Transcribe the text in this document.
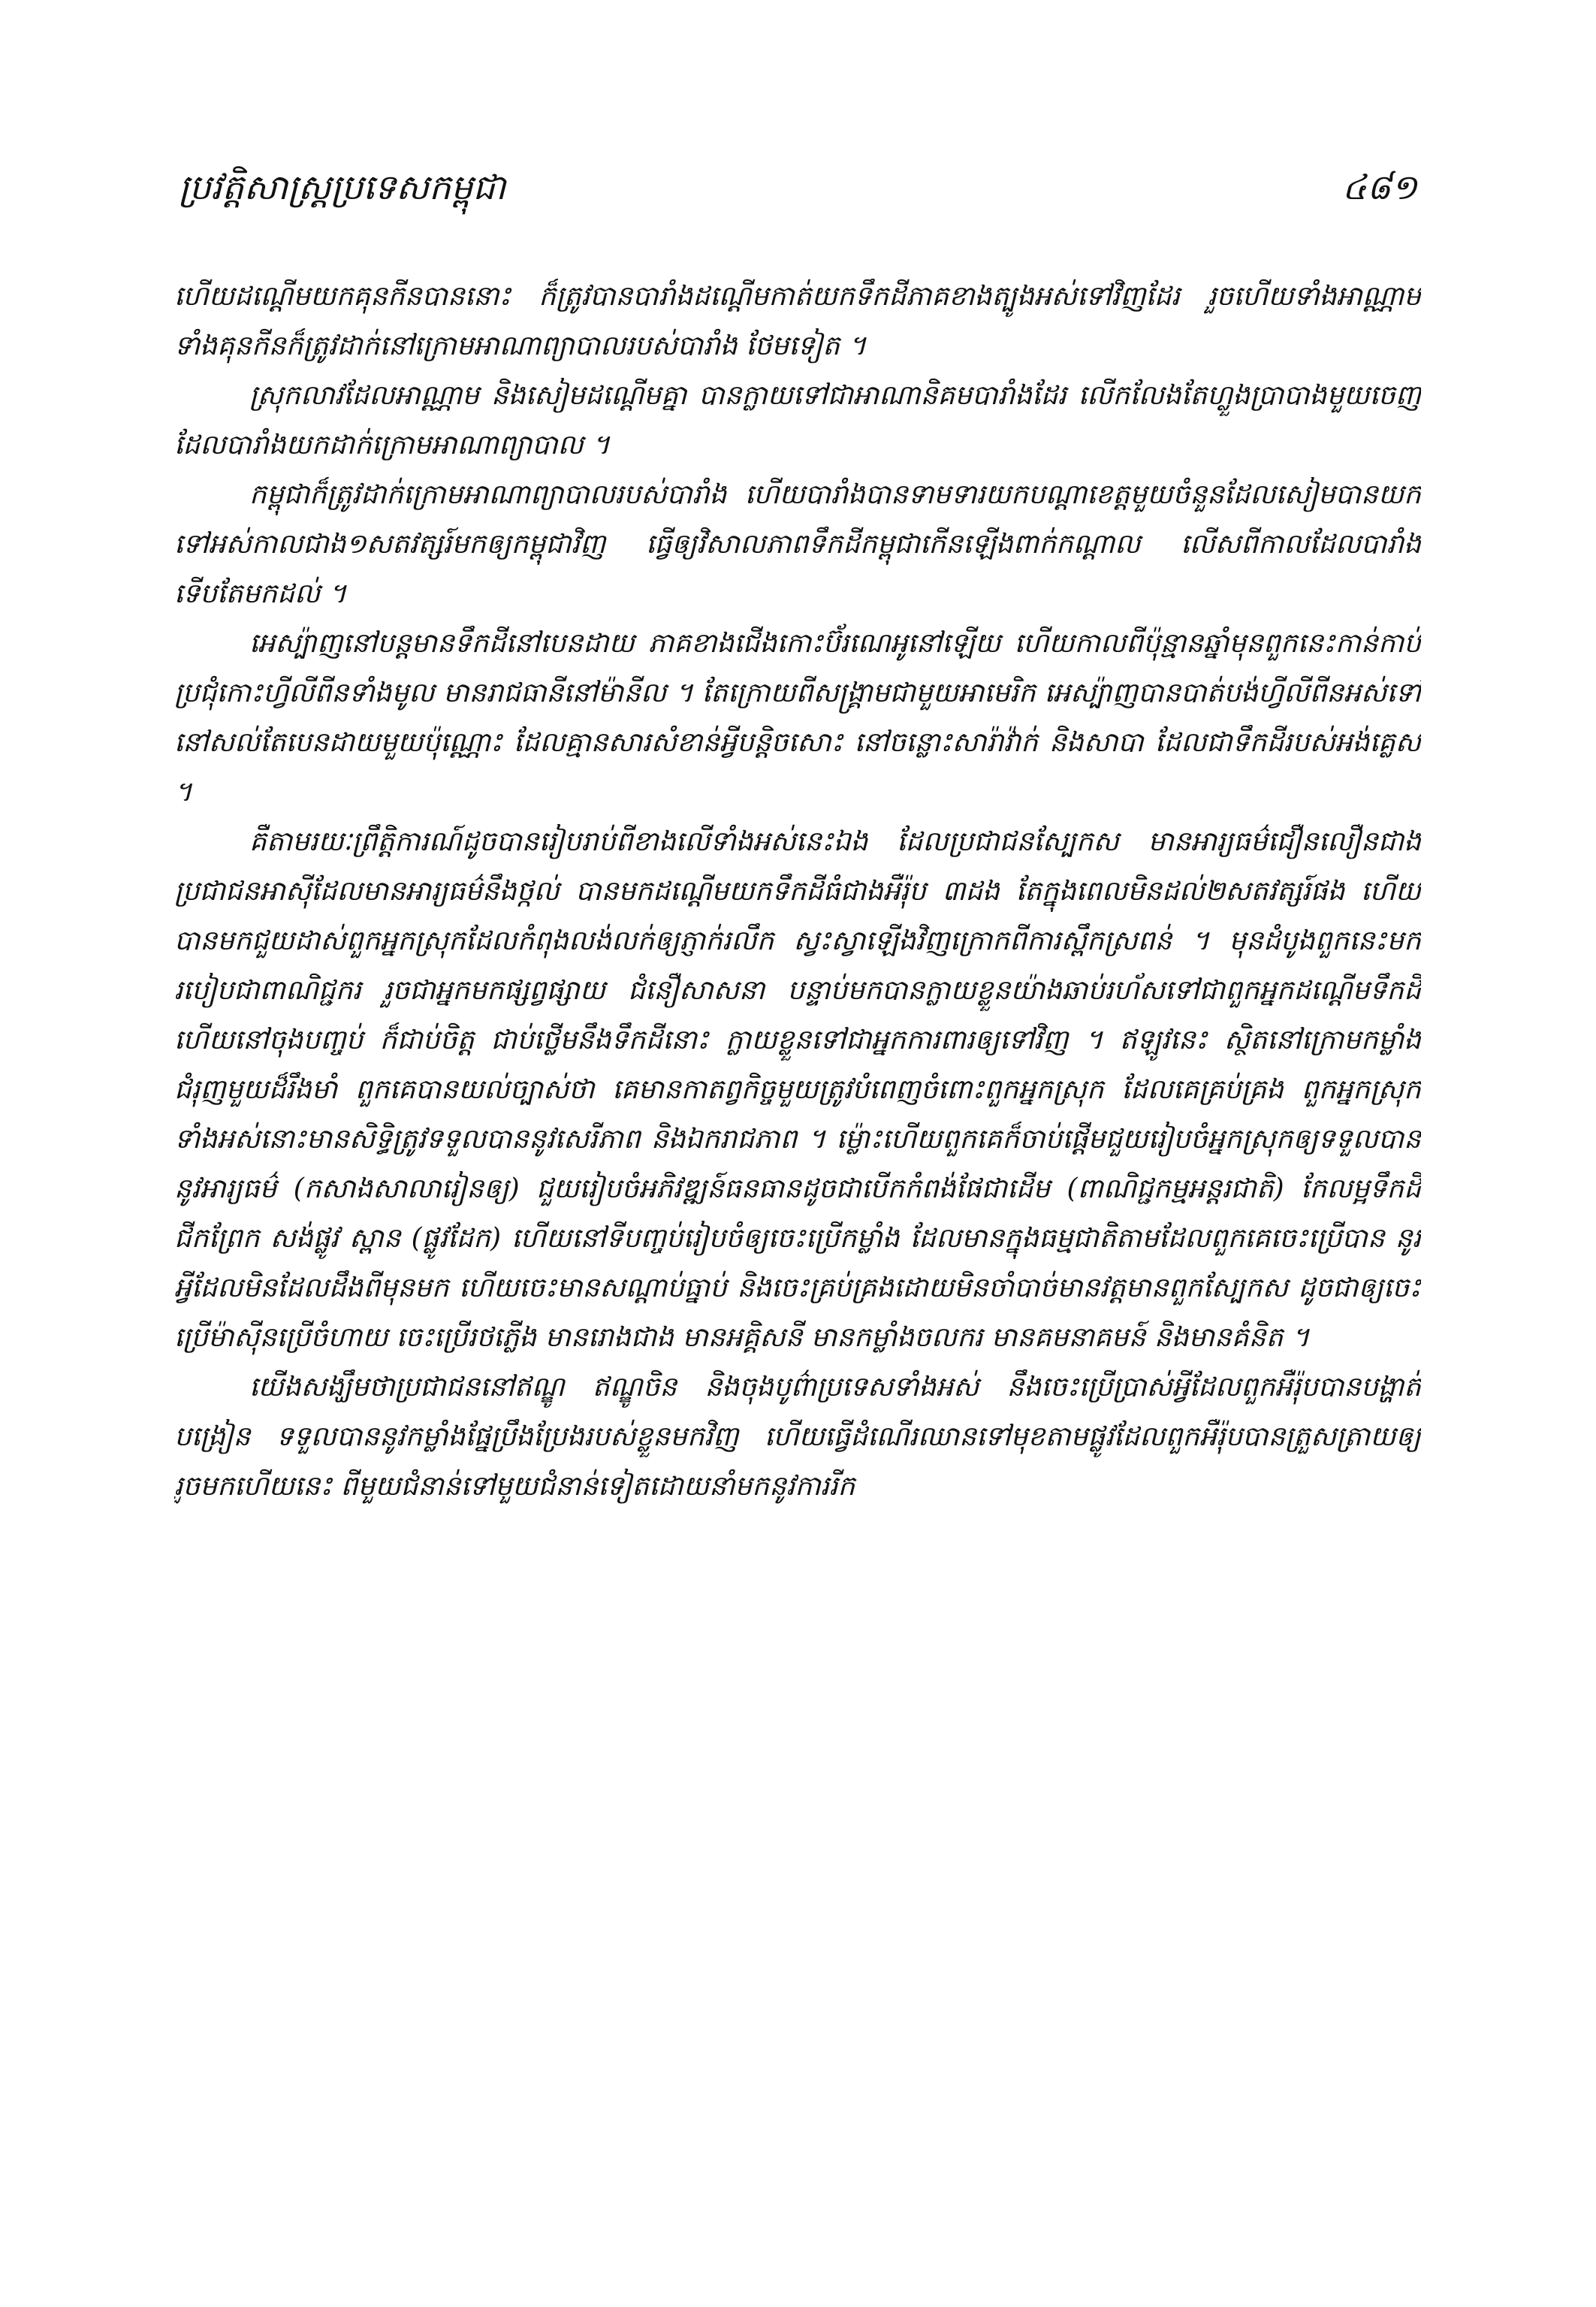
ប្រវត្តិសាស្ត្រប្រទេសកម្ពុជា	៤៨១

ហើយដណ្តើមយកគុនកីនបាននោះ ក៏ត្រូវបានបារាំងដណ្តើមកាត់យកទឹកដីភាគខាងត្បូងអស់ទៅវិញដែរ រួចហើយទាំងអាណ្ណាមទាំងគុនកីនក៏ត្រូវដាក់នៅក្រោមអាណាព្យាបាលរបស់បារាំង ថែមទៀត ។

ស្រុកលាវដែលអាណ្ណាម និងសៀមដណ្តើមគ្នា បានក្លាយទៅជាអាណានិគមបារាំងដែរ លើកលែងតែហ្លួងប្រាបាងមួយចេញ ដែលបារាំងយកដាក់ក្រោមអាណាព្យាបាល ។

កម្ពុជាក៏ត្រូវដាក់ក្រោមអាណាព្យាបាលរបស់បារាំង ហើយបារាំងបានទាមទារយកបណ្តាខេត្តមួយចំនួនដែលសៀមបានយកទៅអស់កាលជាង១សតវត្សរ៍មកឲ្យកម្ពុជាវិញ ធ្វើឲ្យវិសាលភាពទឹកដីកម្ពុជាកើនឡើងពាក់កណ្តាល លើសពីកាលដែលបារាំងទើបតែមកដល់ ។

អេស្ប៉ាញនៅបន្តមានទឹកដីនៅបេនដាយ ភាគខាងជើងកោះប៊័រណេអូនៅឡើយ ហើយកាលពីប៉ុន្មានឆ្នាំមុនពួកនេះកាន់កាប់ប្រជុំកោះហ្វីលីពីនទាំងមូល មានរាជធានីនៅម៉ានីល ។ តែក្រោយពីសង្គ្រាមជាមួយអាមេរិក អេស្ប៉ាញបានបាត់បង់ហ្វីលីពីនអស់ទៅ នៅសល់តែបេនដាយមួយប៉ុណ្ណោះ ដែលគ្មានសារសំខាន់អ្វីបន្តិចសោះ នៅចន្លោះសារ៉ាវ៉ាក់ និងសាបា ដែលជាទឹកដីរបស់អង់គ្លេស ។

គឺតាមរយៈព្រឹត្តិការណ៍ដូចបានរៀបរាប់ពីខាងលើទាំងអស់នេះឯង ដែលប្រជាជនស្បែកស មានអារ្យធម៌ជឿនលឿនជាងប្រជាជនអាស៊ីដែលមានអារ្យធម៌នឹងថ្កល់ បានមកដណ្តើមយកទឹកដីធំជាងអឺរ៉ុប ៣ដង តែក្នុងពេលមិនដល់២សតវត្សរ៍ផង ហើយបានមកជួយដាស់ពួកអ្នកស្រុកដែលកំពុងលង់លក់ឲ្យភ្ញាក់រលឹក ស្វះស្វាឡើងវិញក្រោកពីការស្ពឹកស្រពន់ ។ មុនដំបូងពួកនេះមករបៀបជាពាណិជ្ជករ រួចជាអ្នកមកផ្សព្វផ្សាយ ជំនឿសាសនា បន្ទាប់មកបានក្លាយខ្លួនយ៉ាងឆាប់រហ័សទៅជាពួកអ្នកដណ្តើមទឹកដី ហើយនៅចុងបញ្ចប់ ក៏ជាប់ចិត្ត ជាប់ថ្លើមនឹងទឹកដីនោះ ក្លាយខ្លួនទៅជាអ្នកការពារឲ្យទៅវិញ ។ ឥឡូវនេះ ស្ថិតនៅក្រោមកម្លាំងជំរុញមួយដ៏រឹងមាំ ពួកគេបានយល់ច្បាស់ថា គេមានកាតព្វកិច្ចមួយត្រូវបំពេញចំពោះពួកអ្នកស្រុក ដែលគេគ្រប់គ្រង ពួកអ្នកស្រុកទាំងអស់នោះមានសិទ្ធិត្រូវទទួលបាននូវសេរីភាព និងឯករាជភាព ។ ម៉្លោះហើយពួកគេក៏ចាប់ផ្តើមជួយរៀបចំអ្នកស្រុកឲ្យទទួលបាននូវអារ្យធម៌ (កសាងសាលារៀនឲ្យ) ជួយរៀបចំអភិវឌ្ឍន៍ធនធានដូចជាបើកកំពង់ផែជាដើម (ពាណិជ្ជកម្មអន្តរជាតិ) កែលម្អទឹកដី ជីកព្រែក សង់ផ្លូវ ស្ពាន (ផ្លូវដែក) ហើយនៅទីបញ្ចប់រៀបចំឲ្យចេះប្រើកម្លាំង ដែលមានក្នុងធម្មជាតិតាមដែលពួកគេចេះប្រើបាន នូវអ្វីដែលមិនដែលដឹងពីមុនមក ហើយចេះមានសណ្តាប់ធ្នាប់ និងចេះគ្រប់គ្រងដោយមិនចាំបាច់មានវត្តមានពួកស្បែកស ដូចជាឲ្យចេះប្រើម៉ាស៊ីនប្រើចំហាយ ចេះប្រើរថភ្លើង មានរោងជាង មានអគ្គិសនី មានកម្លាំងចលករ មានគមនាគមន៍ និងមានគំនិត ។

យើងសង្ឃឹមថាប្រជាជននៅឥណ្ឌូ ឥណ្ឌូចិន និងចុងបូព៌ាប្រទេសទាំងអស់ នឹងចេះប្រើប្រាស់អ្វីដែលពួកអឺរ៉ុបបានបង្ហាត់បង្រៀន ទទួលបាននូវកម្លាំងផ្នែប្រឹងប្រែងរបស់ខ្លួនមកវិញ ហើយធ្វើដំណើរឈានទៅមុខតាមផ្លូវដែលពួកអឺរ៉ុបបានត្រួសត្រាយឲ្យរួចមកហើយនេះ ពីមួយជំនាន់ទៅមួយជំនាន់ទៀតដោយនាំមកនូវការរីក
